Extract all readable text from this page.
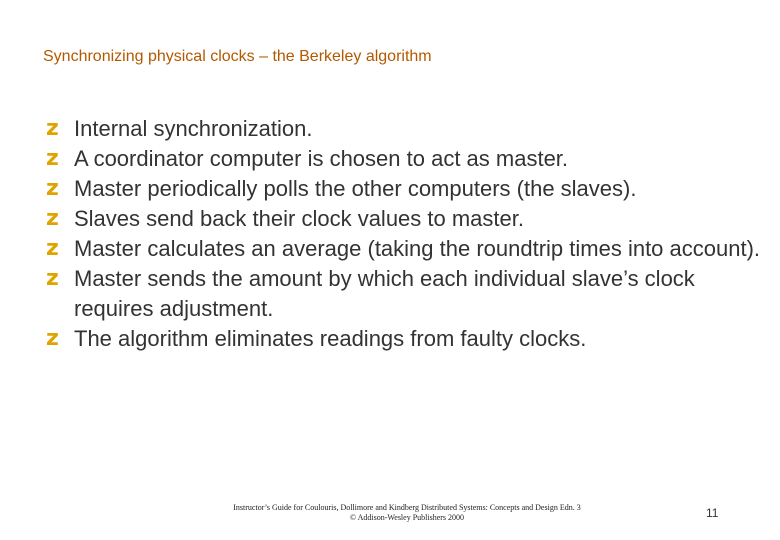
Synchronizing physical clocks – the Berkeley algorithm
z Internal synchronization.
z A coordinator computer is chosen to act as master.
z Master periodically polls the other computers (the slaves).
z Slaves send back their clock values to master.
z Master calculates an average (taking the roundtrip times into account).
z Master sends the amount by which each individual slave’s clock requires adjustment.
z The algorithm eliminates readings from faulty clocks.
Instructor’s Guide for Coulouris, Dollimore and Kindberg Distributed Systems: Concepts and Design Edn. 3
© Addison-Wesley Publishers 2000	11
